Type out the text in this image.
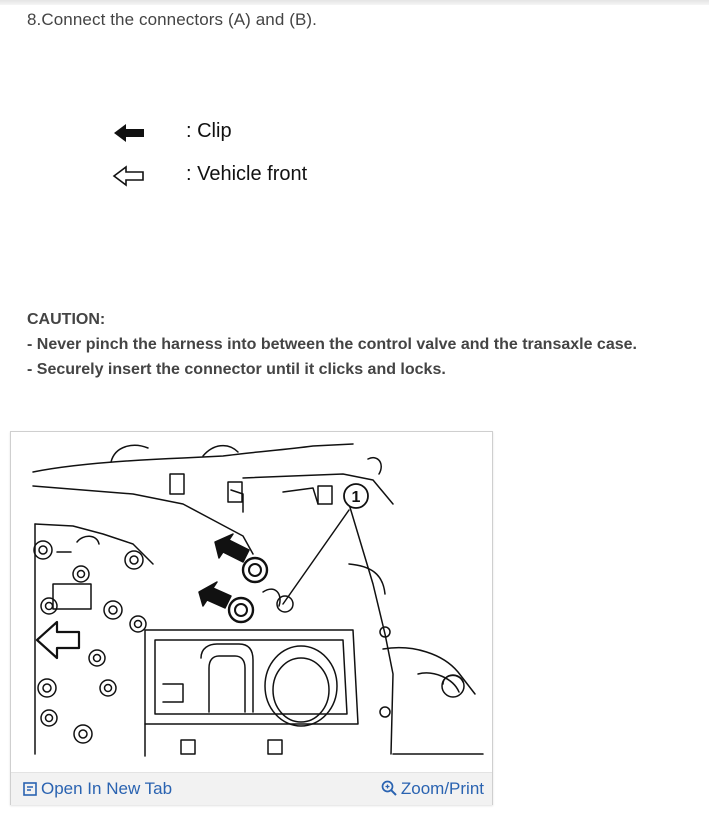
8.Connect the connectors (A) and (B).
: Clip
: Vehicle front
CAUTION:
- Never pinch the harness into between the control valve and the transaxle case.
- Securely insert the connector until it clicks and locks.
1
Open In New Tab	Zoom/Print
